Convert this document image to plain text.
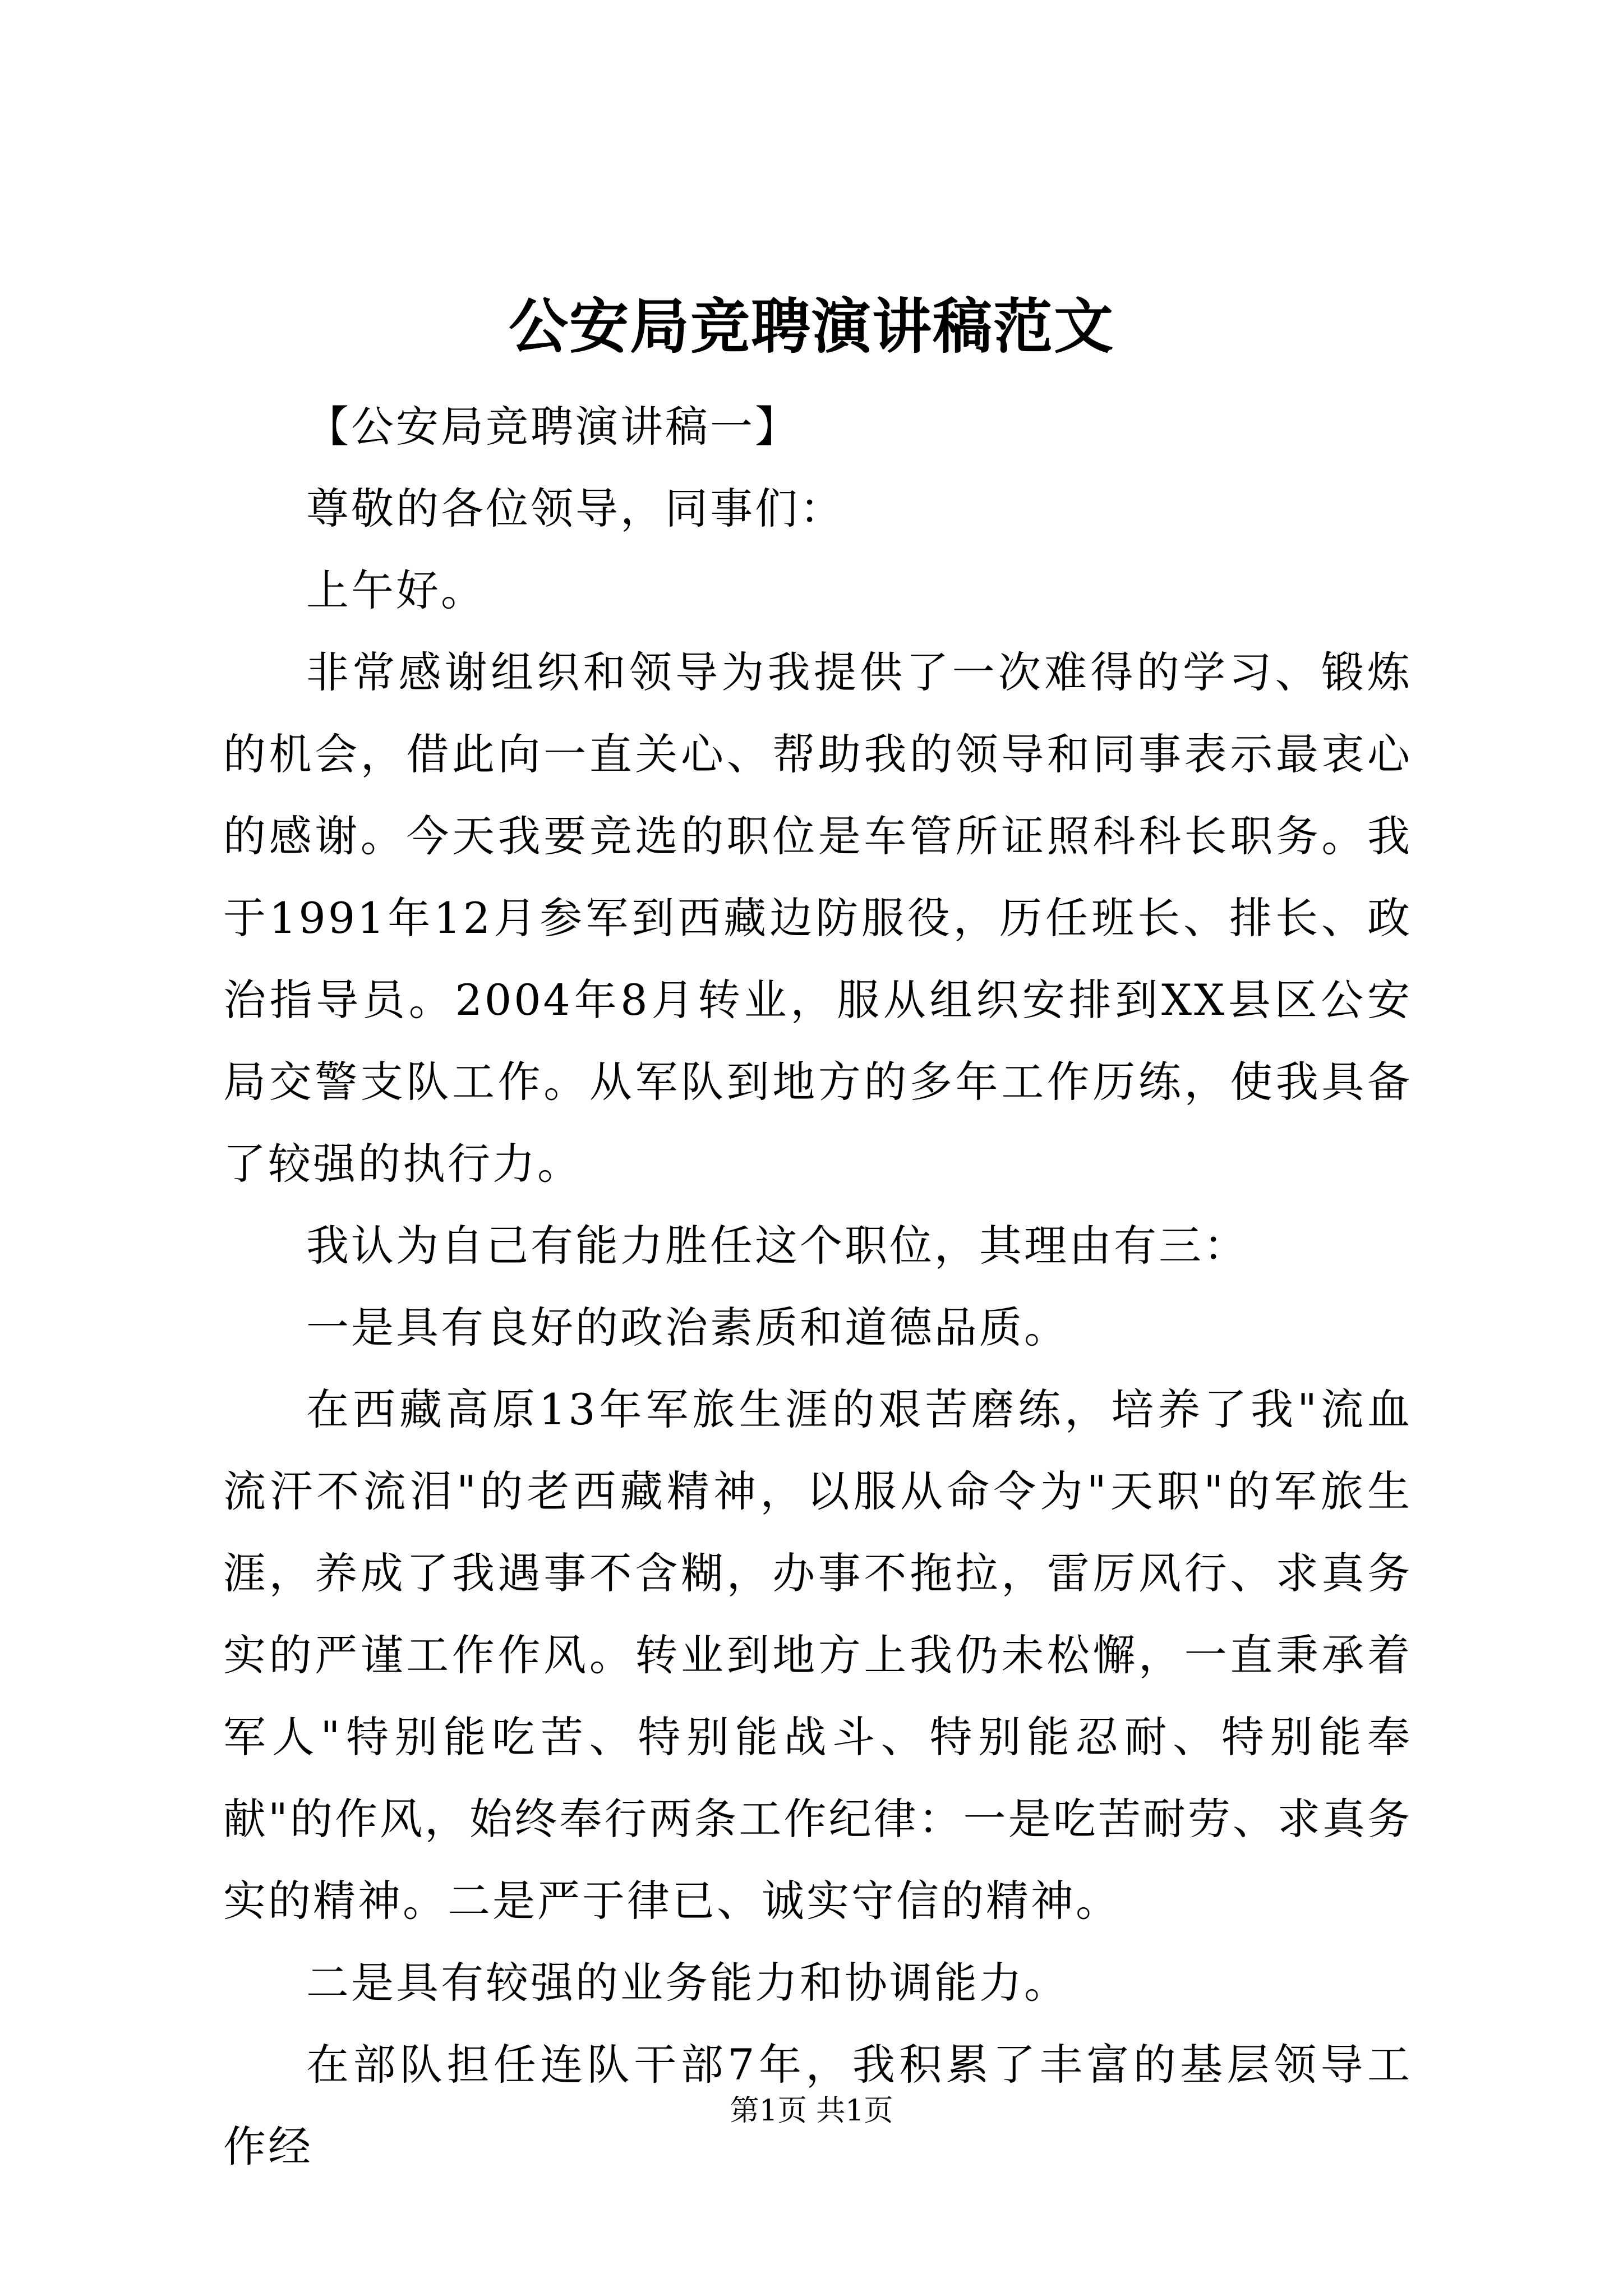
公安局竞聘演讲稿范文

【公安局竞聘演讲稿一】

尊敬的各位领导，同事们：

上午好。

非常感谢组织和领导为我提供了一次难得的学习、锻炼的机会，借此向一直关心、帮助我的领导和同事表示最衷心的感谢。今天我要竞选的职位是车管所证照科科长职务。我于1991年12月参军到西藏边防服役，历任班长、排长、政治指导员。2004年8月转业，服从组织安排到XX县区公安局交警支队工作。从军队到地方的多年工作历练，使我具备了较强的执行力。

我认为自己有能力胜任这个职位，其理由有三：

一是具有良好的政治素质和道德品质。

在西藏高原13年军旅生涯的艰苦磨练，培养了我"流血流汗不流泪"的老西藏精神，以服从命令为"天职"的军旅生涯，养成了我遇事不含糊，办事不拖拉，雷厉风行、求真务实的严谨工作作风。转业到地方上我仍未松懈，一直秉承着军人"特别能吃苦、特别能战斗、特别能忍耐、特别能奉献"的作风，始终奉行两条工作纪律：一是吃苦耐劳、求真务实的精神。二是严于律已、诚实守信的精神。

二是具有较强的业务能力和协调能力。

在部队担任连队干部7年，我积累了丰富的基层领导工作经

第1页 共1页
